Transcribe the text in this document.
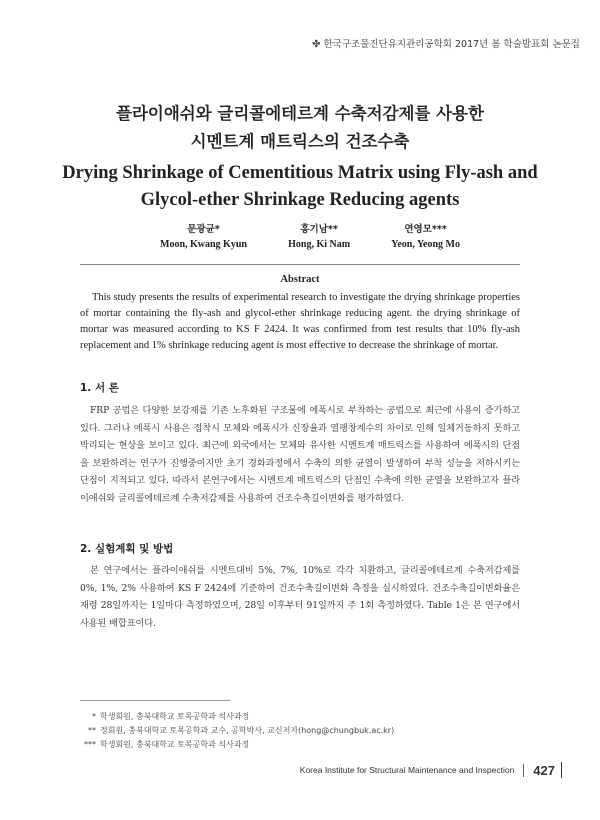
✤ 한국구조물진단유지관리공학회 2017년 봄 학술발표회 논문집
플라이애쉬와 글리콜에테르계 수축저감제를 사용한
시멘트계 매트릭스의 건조수축
Drying Shrinkage of Cementitious Matrix using Fly-ash and
Glycol-ether Shrinkage Reducing agents
문광균*
Moon, Kwang Kyun
홍기남**
Hong, Ki Nam
연영모***
Yeon, Yeong Mo
Abstract

This study presents the results of experimental research to investigate the drying shrinkage properties of mortar containing the fly-ash and glycol-ether shrinkage reducing agent. the drying shrinkage of mortar was measured according to KS F 2424. It was confirmed from test results that 10% fly-ash replacement and 1% shrinkage reducing agent is most effective to decrease the shrinkage of mortar.

1. 서 론

FRP 공법은 다양한 보강재를 기존 노후화된 구조물에 에폭시로 부착하는 공법으로 최근에 사용이 증가하고 있다. 그러나 에폭시 사용은 접착시 모체와 에폭시가 신장율과 열팽창계수의 차이로 인해 일체거동하지 못하고 박리되는 현상을 보이고 있다. 최근에 외국에서는 모체와 유사한 시멘트계 매트릭스를 사용하여 에폭시의 단점을 보완하려는 연구가 진행중이지만 초기 경화과정에서 수축의 의한 균열이 발생하여 부착 성능을 저하시키는 단점이 지적되고 있다. 따라서 본연구에서는 시멘트계 매트릭스의 단점인 수축에 의한 균열을 보완하고자 플라이애쉬와 글리콜에테르계 수축저감제를 사용하여 건조수축길이변화를 평가하였다.

2. 실험계획 및 방법

본 연구에서는 플라이애쉬를 시멘트대비 5%, 7%, 10%로 각각 치환하고, 글리콜에테르계 수축저감제를 0%, 1%, 2% 사용하여 KS F 2424에 기준하여 건조수축길이변화 측정을 실시하였다. 건조수축길이변화율은 재령 28일까지는 1일마다 측정하였으며, 28일 이후부터 91일까지 주 1회 측정하였다. Table 1은 본 연구에서 사용된 배합표이다.

* 학생회원, 충북대학교 토목공학과 석사과정
** 정회원, 충북대학교 토목공학과 교수, 공학박사, 교신저자(hong@chungbuk.ac.kr)
*** 학생회원, 충북대학교 토목공학과 석사과정
Korea Institute for Structural Maintenance and Inspection 427
